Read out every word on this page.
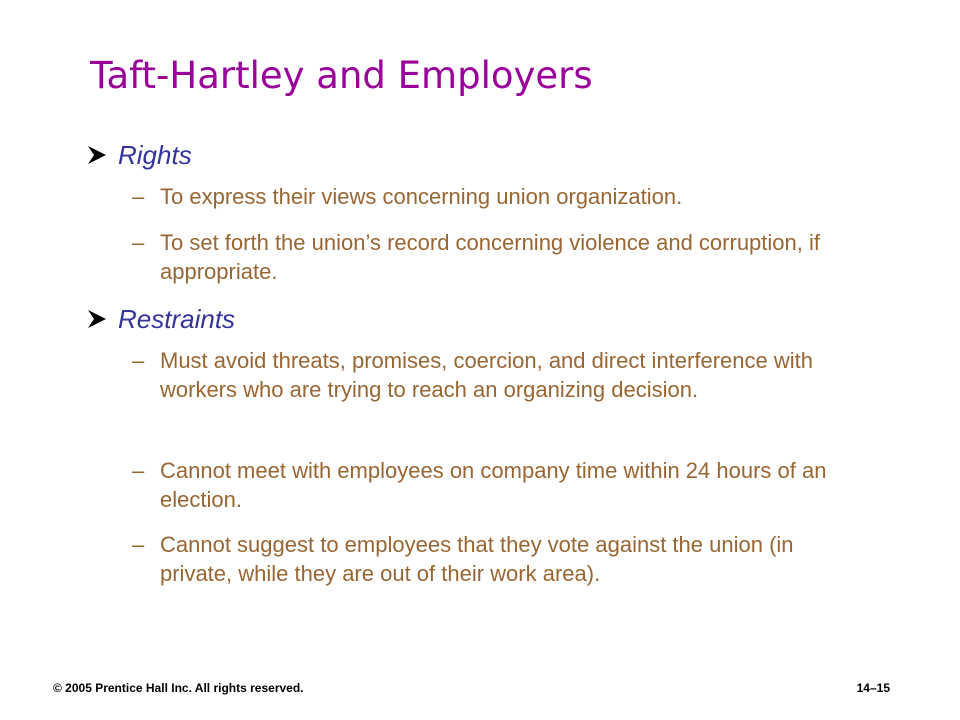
Taft-Hartley and Employers
Rights
– To express their views concerning union organization.
– To set forth the union’s record concerning violence and corruption, if appropriate.
Restraints
– Must avoid threats, promises, coercion, and direct interference with workers who are trying to reach an organizing decision.
– Cannot meet with employees on company time within 24 hours of an election.
– Cannot suggest to employees that they vote against the union (in private, while they are out of their work area).
© 2005 Prentice Hall Inc. All rights reserved.	14–15
